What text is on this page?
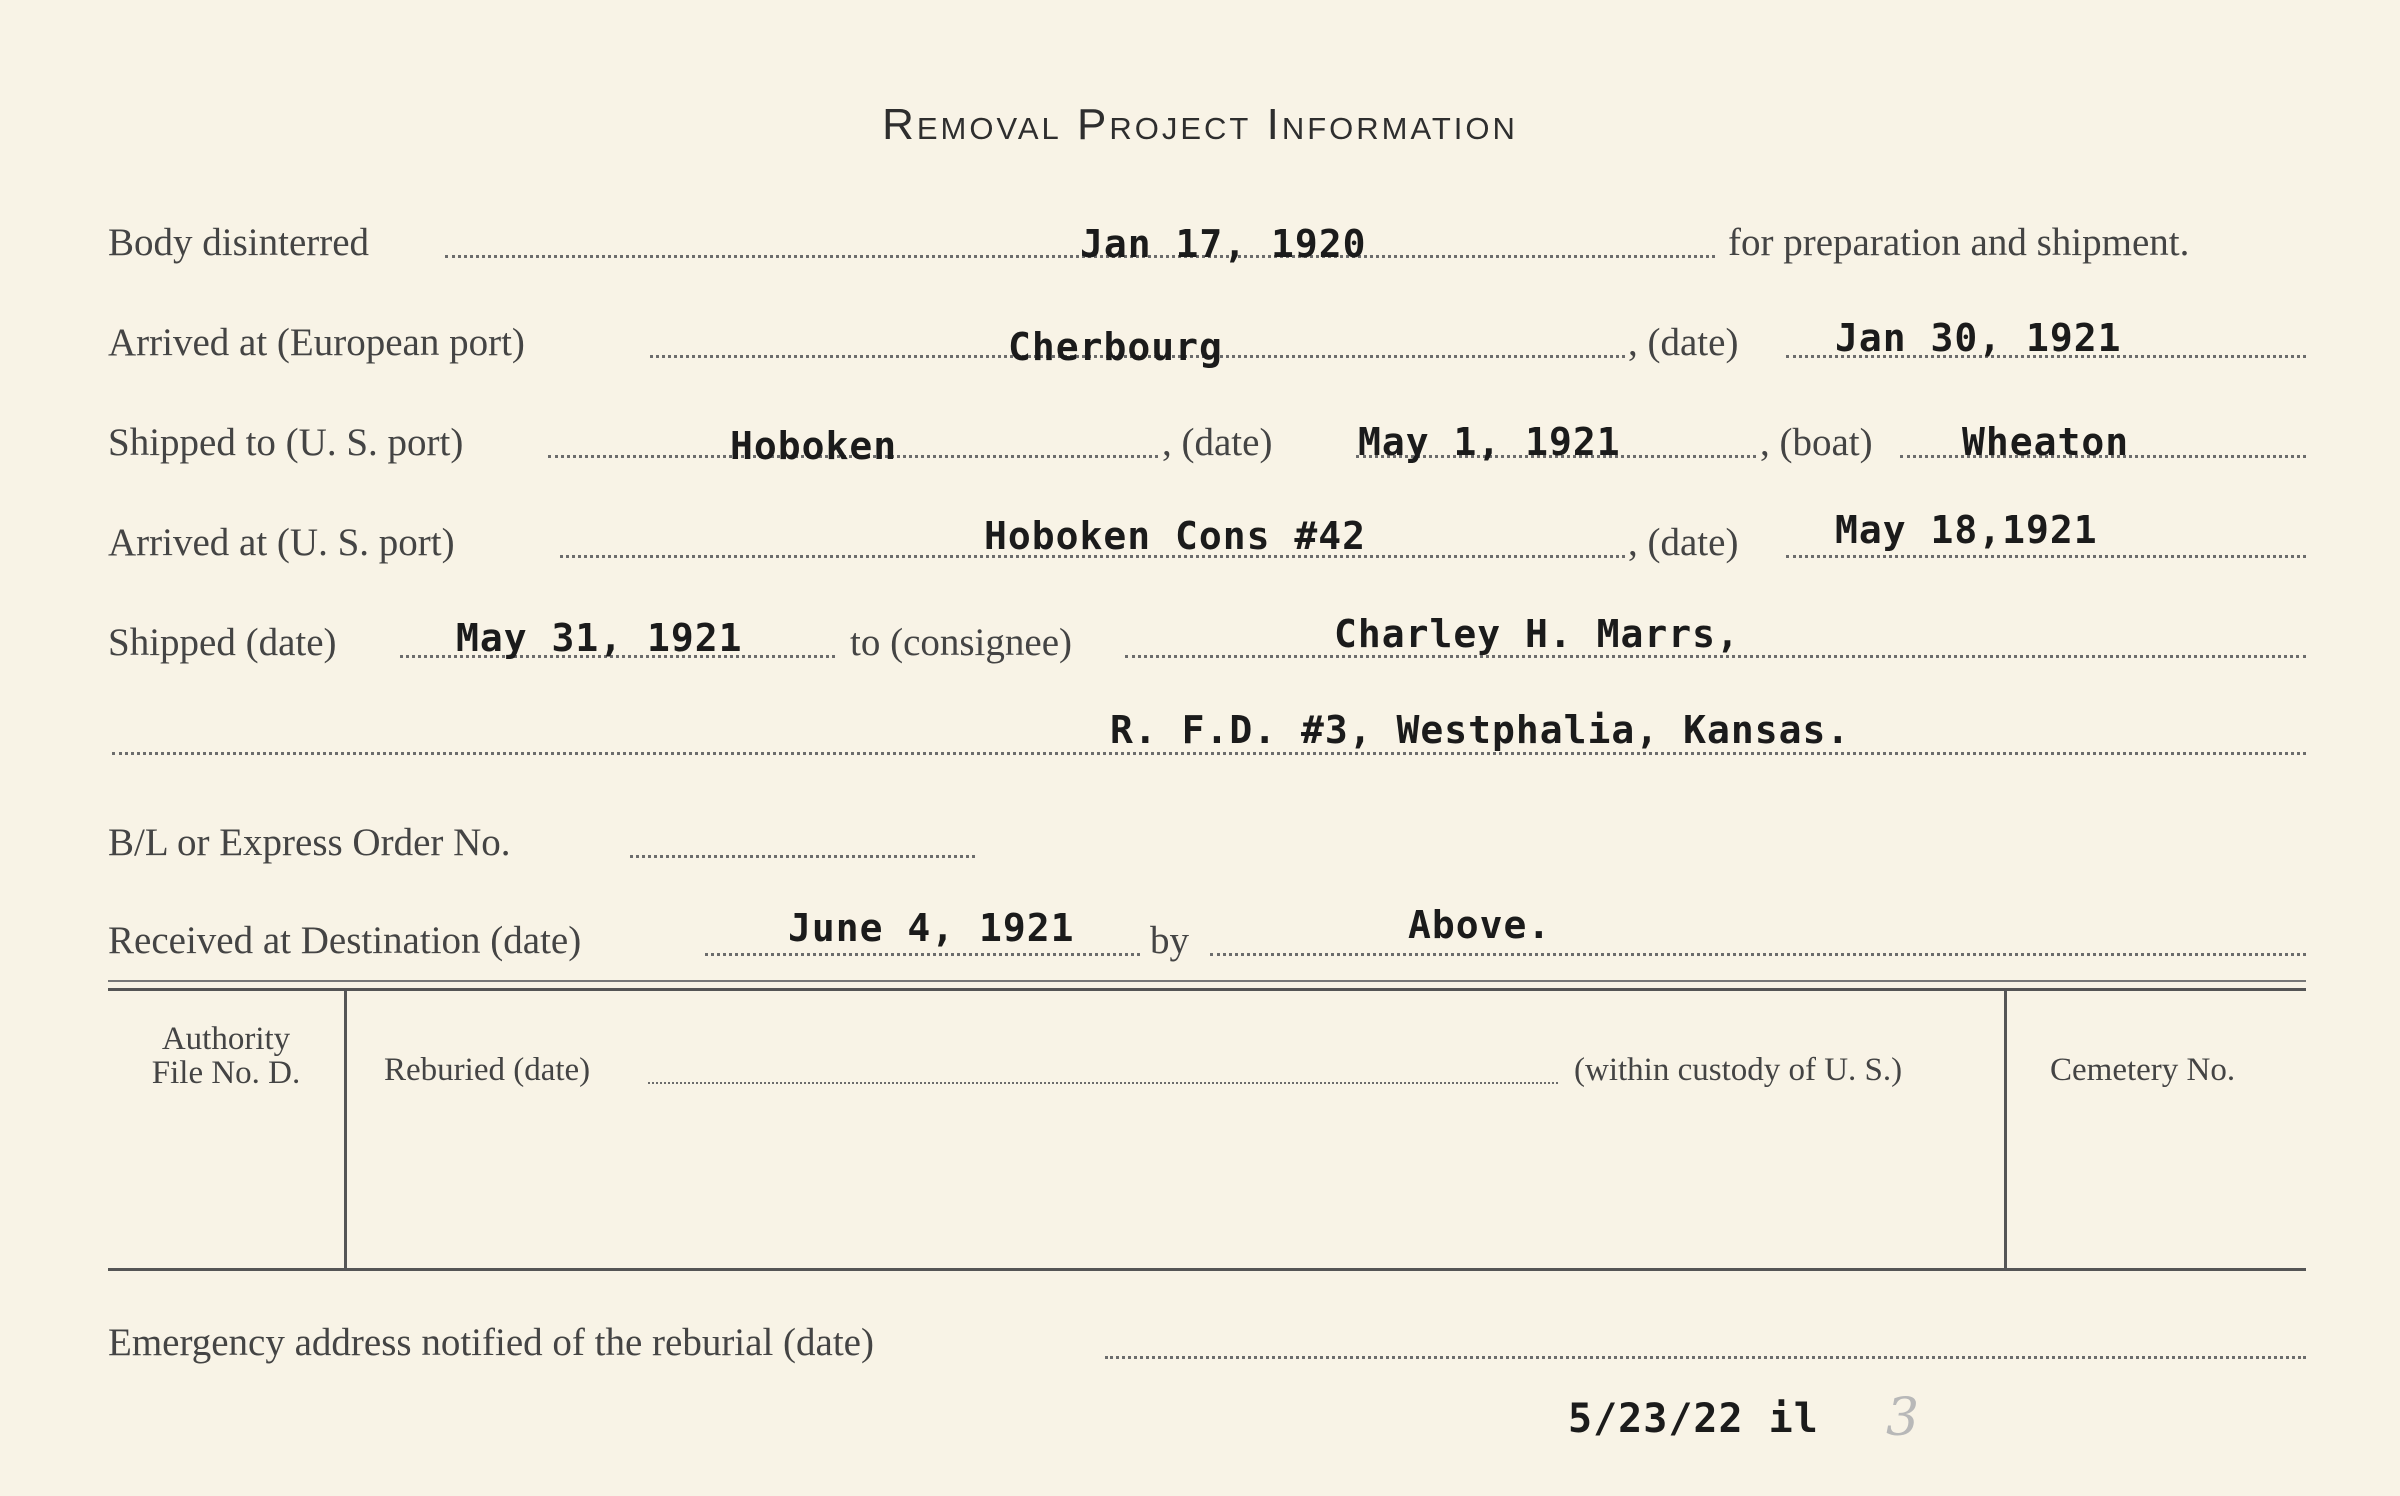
Removal Project Information
Body disinterred	Jan 17, 1920	for preparation and shipment.
Arrived at (European port)	Cherbourg	, (date)	Jan 30, 1921
Shipped to (U. S. port)	Hoboken	, (date) May 1, 1921	, (boat) Wheaton
Arrived at (U. S. port)	Hoboken Cons #42	, (date)	May 18,1921
Shipped (date)	May 31, 1921	to (consignee)	Charley H. Marrs,
R. F.D. #3, Westphalia, Kansas.
B/L or Express Order No.
Received at Destination (date)	June 4, 1921 by	Above.
Authority
File No. D.	Reburied (date)	(within custody of U. S.)	Cemetery No.
Emergency address notified of the reburial (date)
5/23/22 il 3
